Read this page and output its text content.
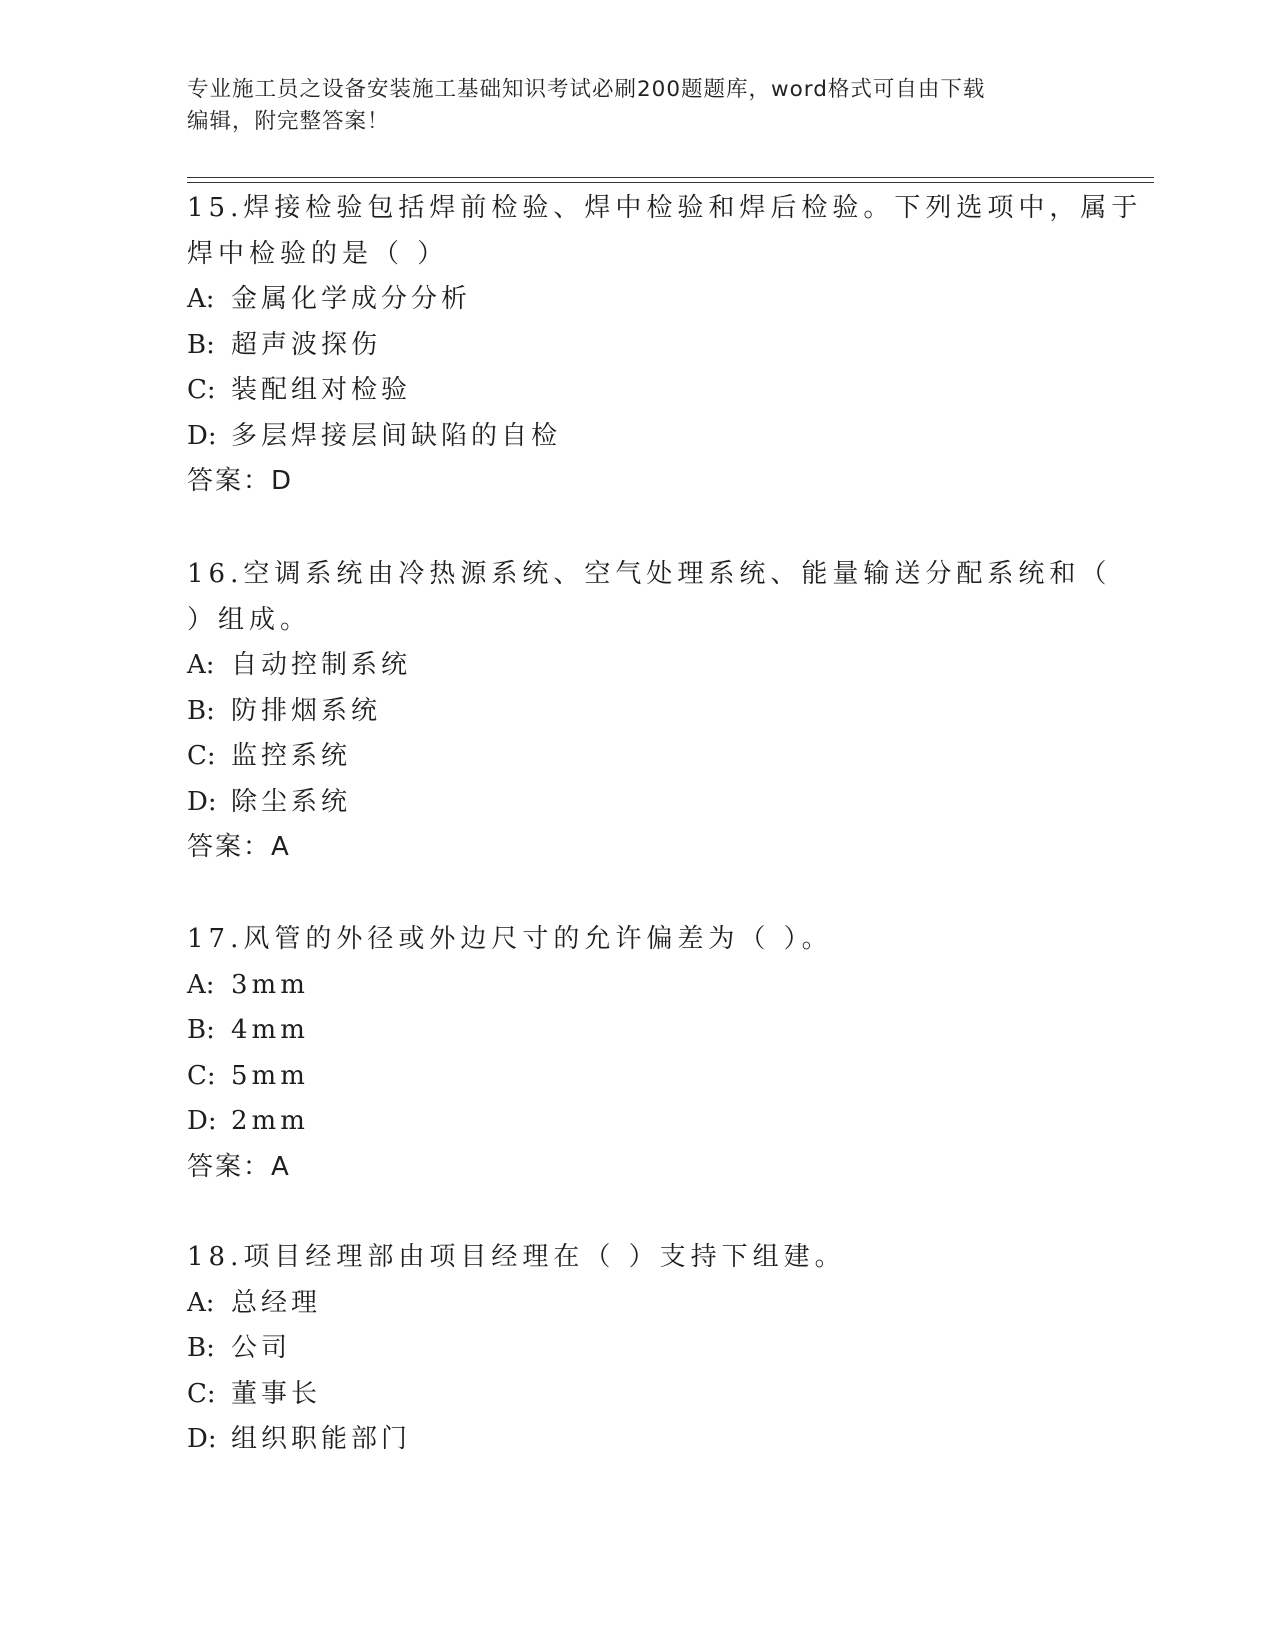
专业施工员之设备安装施工基础知识考试必刷200题题库，word格式可自由下载
编辑，附完整答案！
15.焊接检验包括焊前检验、焊中检验和焊后检验。下列选项中，属于
焊中检验的是（ ）
A: 金属化学成分分析
B: 超声波探伤
C: 装配组对检验
D: 多层焊接层间缺陷的自检
答案：D
16.空调系统由冷热源系统、空气处理系统、能量输送分配系统和（
）组成。
A: 自动控制系统
B: 防排烟系统
C: 监控系统
D: 除尘系统
答案：A
17.风管的外径或外边尺寸的允许偏差为（ ）。
A: 3mm
B: 4mm
C: 5mm
D: 2mm
答案：A
18.项目经理部由项目经理在（ ）支持下组建。
A: 总经理
B: 公司
C: 董事长
D: 组织职能部门
